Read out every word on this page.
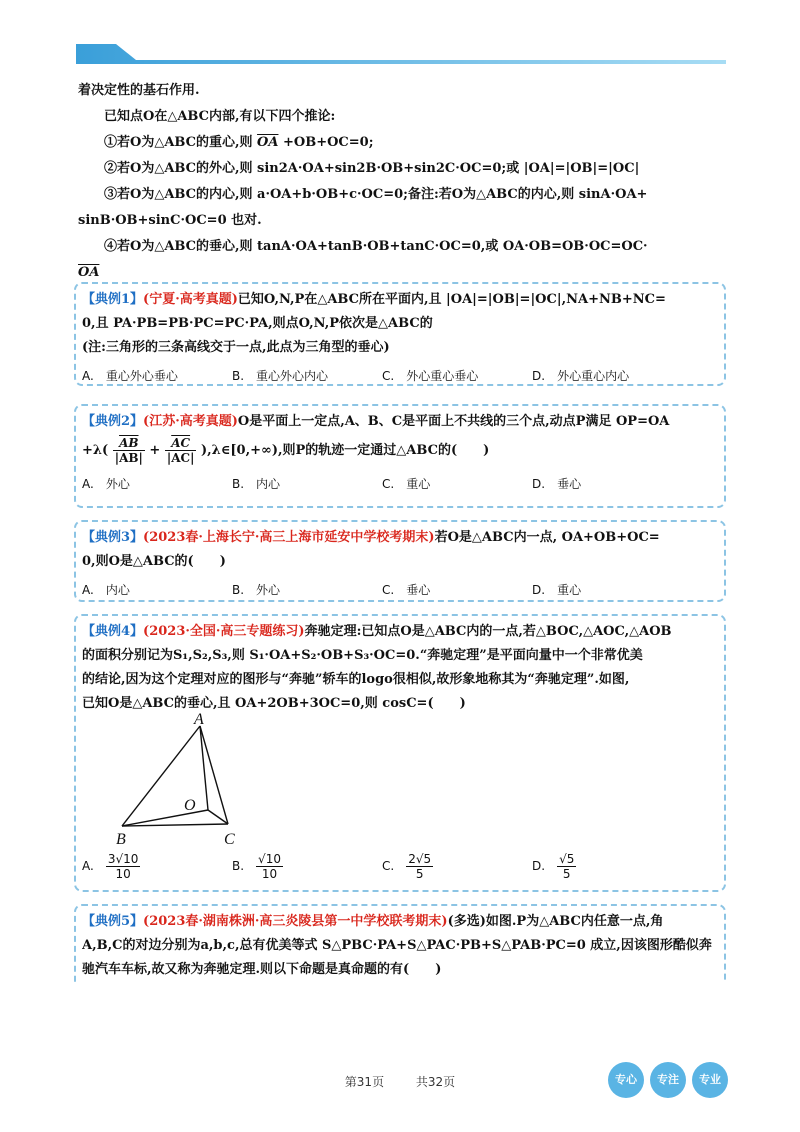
着决定性的基石作用.
已知点O在△ABC内部,有以下四个推论:
①若O为△ABC的重心,则 $\overline{OA} +OB+OC=0$;
②若O为△ABC的外心,则 sin2A·OA+sin2B·OB+sin2C·OC=0;或 |OA|=|OB|=|OC|
③若O为△ABC的内心,则 a·OA+b·OB+c·OC=0;备注:若O为△ABC的内心,则 sinA·OA+
sinB·OB+sinC·OC=0 也对.
④若O为△ABC的垂心,则 tanA·OA+tanB·OB+tanC·OC=0,或 OA·OB=OB·OC=OC·
$\overline{OA}$
【典例1】(宁夏·高考真题)已知O,N,P在△ABC所在平面内,且 |OA|=|OB|=|OC|,NA+NB+NC=
0,且 PA·PB=PB·PC=PC·PA,则点O,N,P依次是△ABC的
(注:三角形的三条高线交于一点,此点为三角型的垂心)
A. 重心外心垂心	B. 重心外心内心	C. 外心重心垂心	D. 外心重心内心
【典例2】(江苏·高考真题)O是平面上一定点,A、B、C是平面上不共线的三个点,动点P满足 OP=OA
$+\lambda( \frac{\overline{AB}}{|AB|} + \frac{\overline{AC}}{|AC|}$ ),λ∈[0,+∞),则P的轨迹一定通过△ABC的(　　)
A. 外心	B. 内心	C. 重心	D. 垂心
【典例3】(2023春·上海长宁·高三上海市延安中学校考期末)若O是△ABC内一点, OA+OB+OC=
0,则O是△ABC的(　　)
A. 内心	B. 外心	C. 垂心	D. 重心
【典例4】(2023·全国·高三专题练习)奔驰定理:已知点O是△ABC内的一点,若△BOC,△AOC,△AOB
的面积分别记为S₁,S₂,S₃,则 S₁·OA+S₂·OB+S₃·OC=0.“奔驰定理”是平面向量中一个非常优美
的结论,因为这个定理对应的图形与“奔驰”轿车的logo很相似,故形象地称其为“奔驰定理”.如图,
已知O是△ABC的垂心,且 OA+2OB+3OC=0,则 cosC=(　　)
A. $\frac{3√10}{10}$	B. $\frac{√10}{10}$	C. $\frac{2√5}{5}$	D. $\frac{√5}{5}$
A
B	C
O
【典例5】(2023春·湖南株洲·高三炎陵县第一中学校联考期末)(多选)如图.P为△ABC内任意一点,角
A,B,C的对边分别为a,b,c,总有优美等式 S△PBC·PA+S△PAC·PB+S△PAB·PC=0 成立,因该图形酷似奔
驰汽车车标,故又称为奔驰定理.则以下命题是真命题的有(　　)
第31页	共32页	专心	专注	专业
